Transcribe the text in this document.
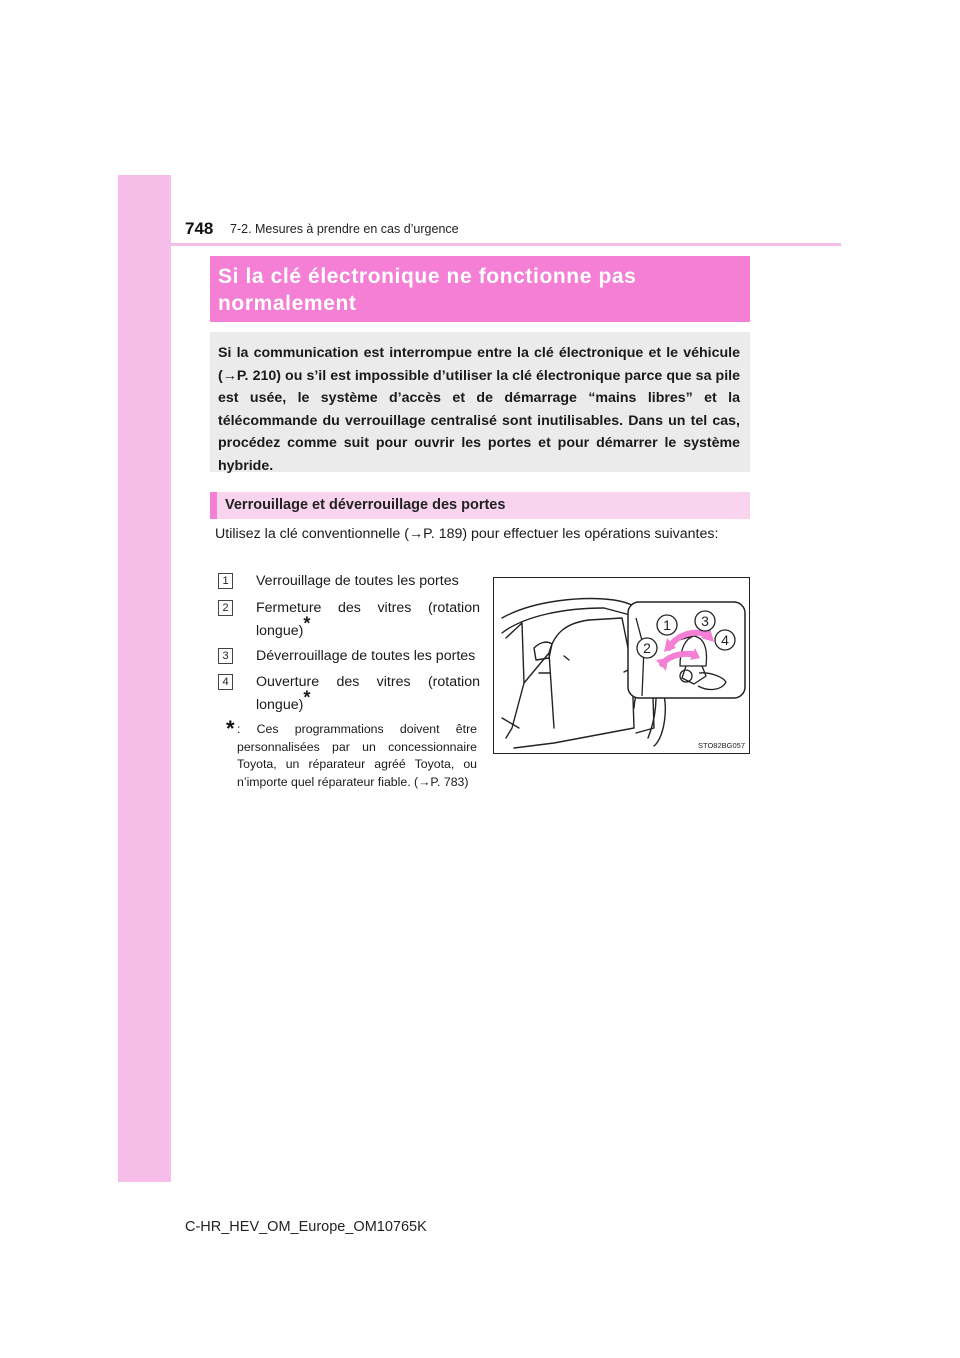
748 7-2. Mesures à prendre en cas d’urgence
Si la clé électronique ne fonctionne pas
normalement
Si la communication est interrompue entre la clé électronique et le véhicule (→P. 210) ou s’il est impossible d’utiliser la clé électronique parce que sa pile est usée, le système d’accès et de démarrage “mains libres” et la télécommande du verrouillage centralisé sont inutilisables. Dans un tel cas, procédez comme suit pour ouvrir les portes et pour démarrer le système hybride.
Verrouillage et déverrouillage des portes
Utilisez la clé conventionnelle (→P. 189) pour effectuer les opérations suivantes:
1	Verrouillage de toutes les portes
2	Fermeture des vitres (rotation longue)*
3	Déverrouillage de toutes les portes
4	Ouverture des vitres (rotation longue)*
* : Ces programmations doivent être personnalisées par un concessionnaire Toyota, un réparateur agréé Toyota, ou n’importe quel réparateur fiable. (→P. 783)
1
2
3
4
STO82BG057
C-HR_HEV_OM_Europe_OM10765K
